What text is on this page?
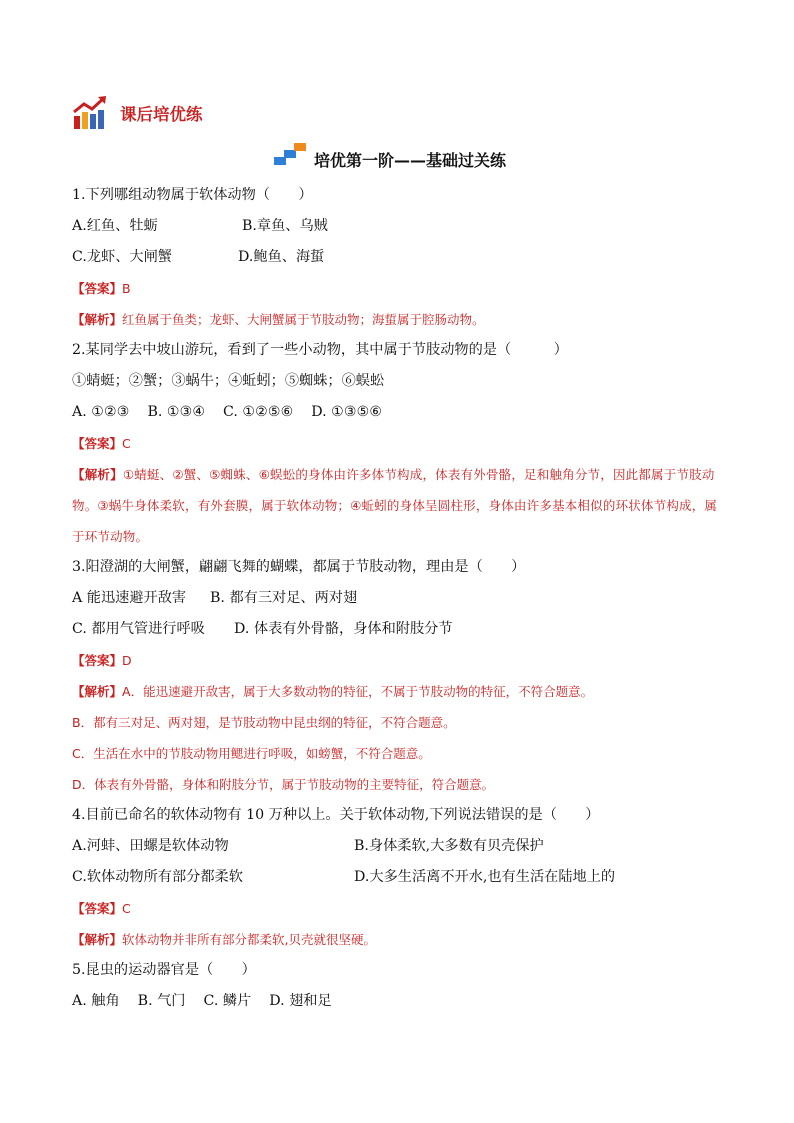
课后培优练
培优第一阶——基础过关练
1.下列哪组动物属于软体动物（　　）
A.红鱼、牡蛎	B.章鱼、乌贼
C.龙虾、大闸蟹	D.鲍鱼、海蜇
【答案】B
【解析】红鱼属于鱼类；龙虾、大闸蟹属于节肢动物；海蜇属于腔肠动物。
2.某同学去中坡山游玩，看到了一些小动物，其中属于节肢动物的是（　　　）
①蜻蜓；②蟹；③蜗牛；④蚯蚓；⑤蜘蛛；⑥蜈蚣
A. ①②③ B. ①③④ C. ①②⑤⑥ D. ①③⑤⑥
【答案】C
【解析】①蜻蜓、②蟹、⑤蜘蛛、⑥蜈蚣的身体由许多体节构成，体表有外骨骼，足和触角分节，因此都属于节肢动物。③蜗牛身体柔软，有外套膜，属于软体动物；④蚯蚓的身体呈圆柱形，身体由许多基本相似的环状体节构成，属于环节动物。
3.阳澄湖的大闸蟹，翩翩飞舞的蝴蝶，都属于节肢动物，理由是（　　）
A 能迅速避开敌害	B. 都有三对足、两对翅
C. 都用气管进行呼吸	D. 体表有外骨骼，身体和附肢分节
【答案】D
【解析】A．能迅速避开敌害，属于大多数动物的特征，不属于节肢动物的特征，不符合题意。
B．都有三对足、两对翅，是节肢动物中昆虫纲的特征，不符合题意。
C．生活在水中的节肢动物用鳃进行呼吸，如螃蟹，不符合题意。
D．体表有外骨骼，身体和附肢分节，属于节肢动物的主要特征，符合题意。
4.目前已命名的软体动物有 10 万种以上。关于软体动物,下列说法错误的是（　　）
A.河蚌、田螺是软体动物	B.身体柔软,大多数有贝壳保护
C.软体动物所有部分都柔软	D.大多生活离不开水,也有生活在陆地上的
【答案】C
【解析】软体动物并非所有部分都柔软,贝壳就很坚硬。
5.昆虫的运动器官是（　　）
A. 触角 B. 气门 C. 鳞片 D. 翅和足
